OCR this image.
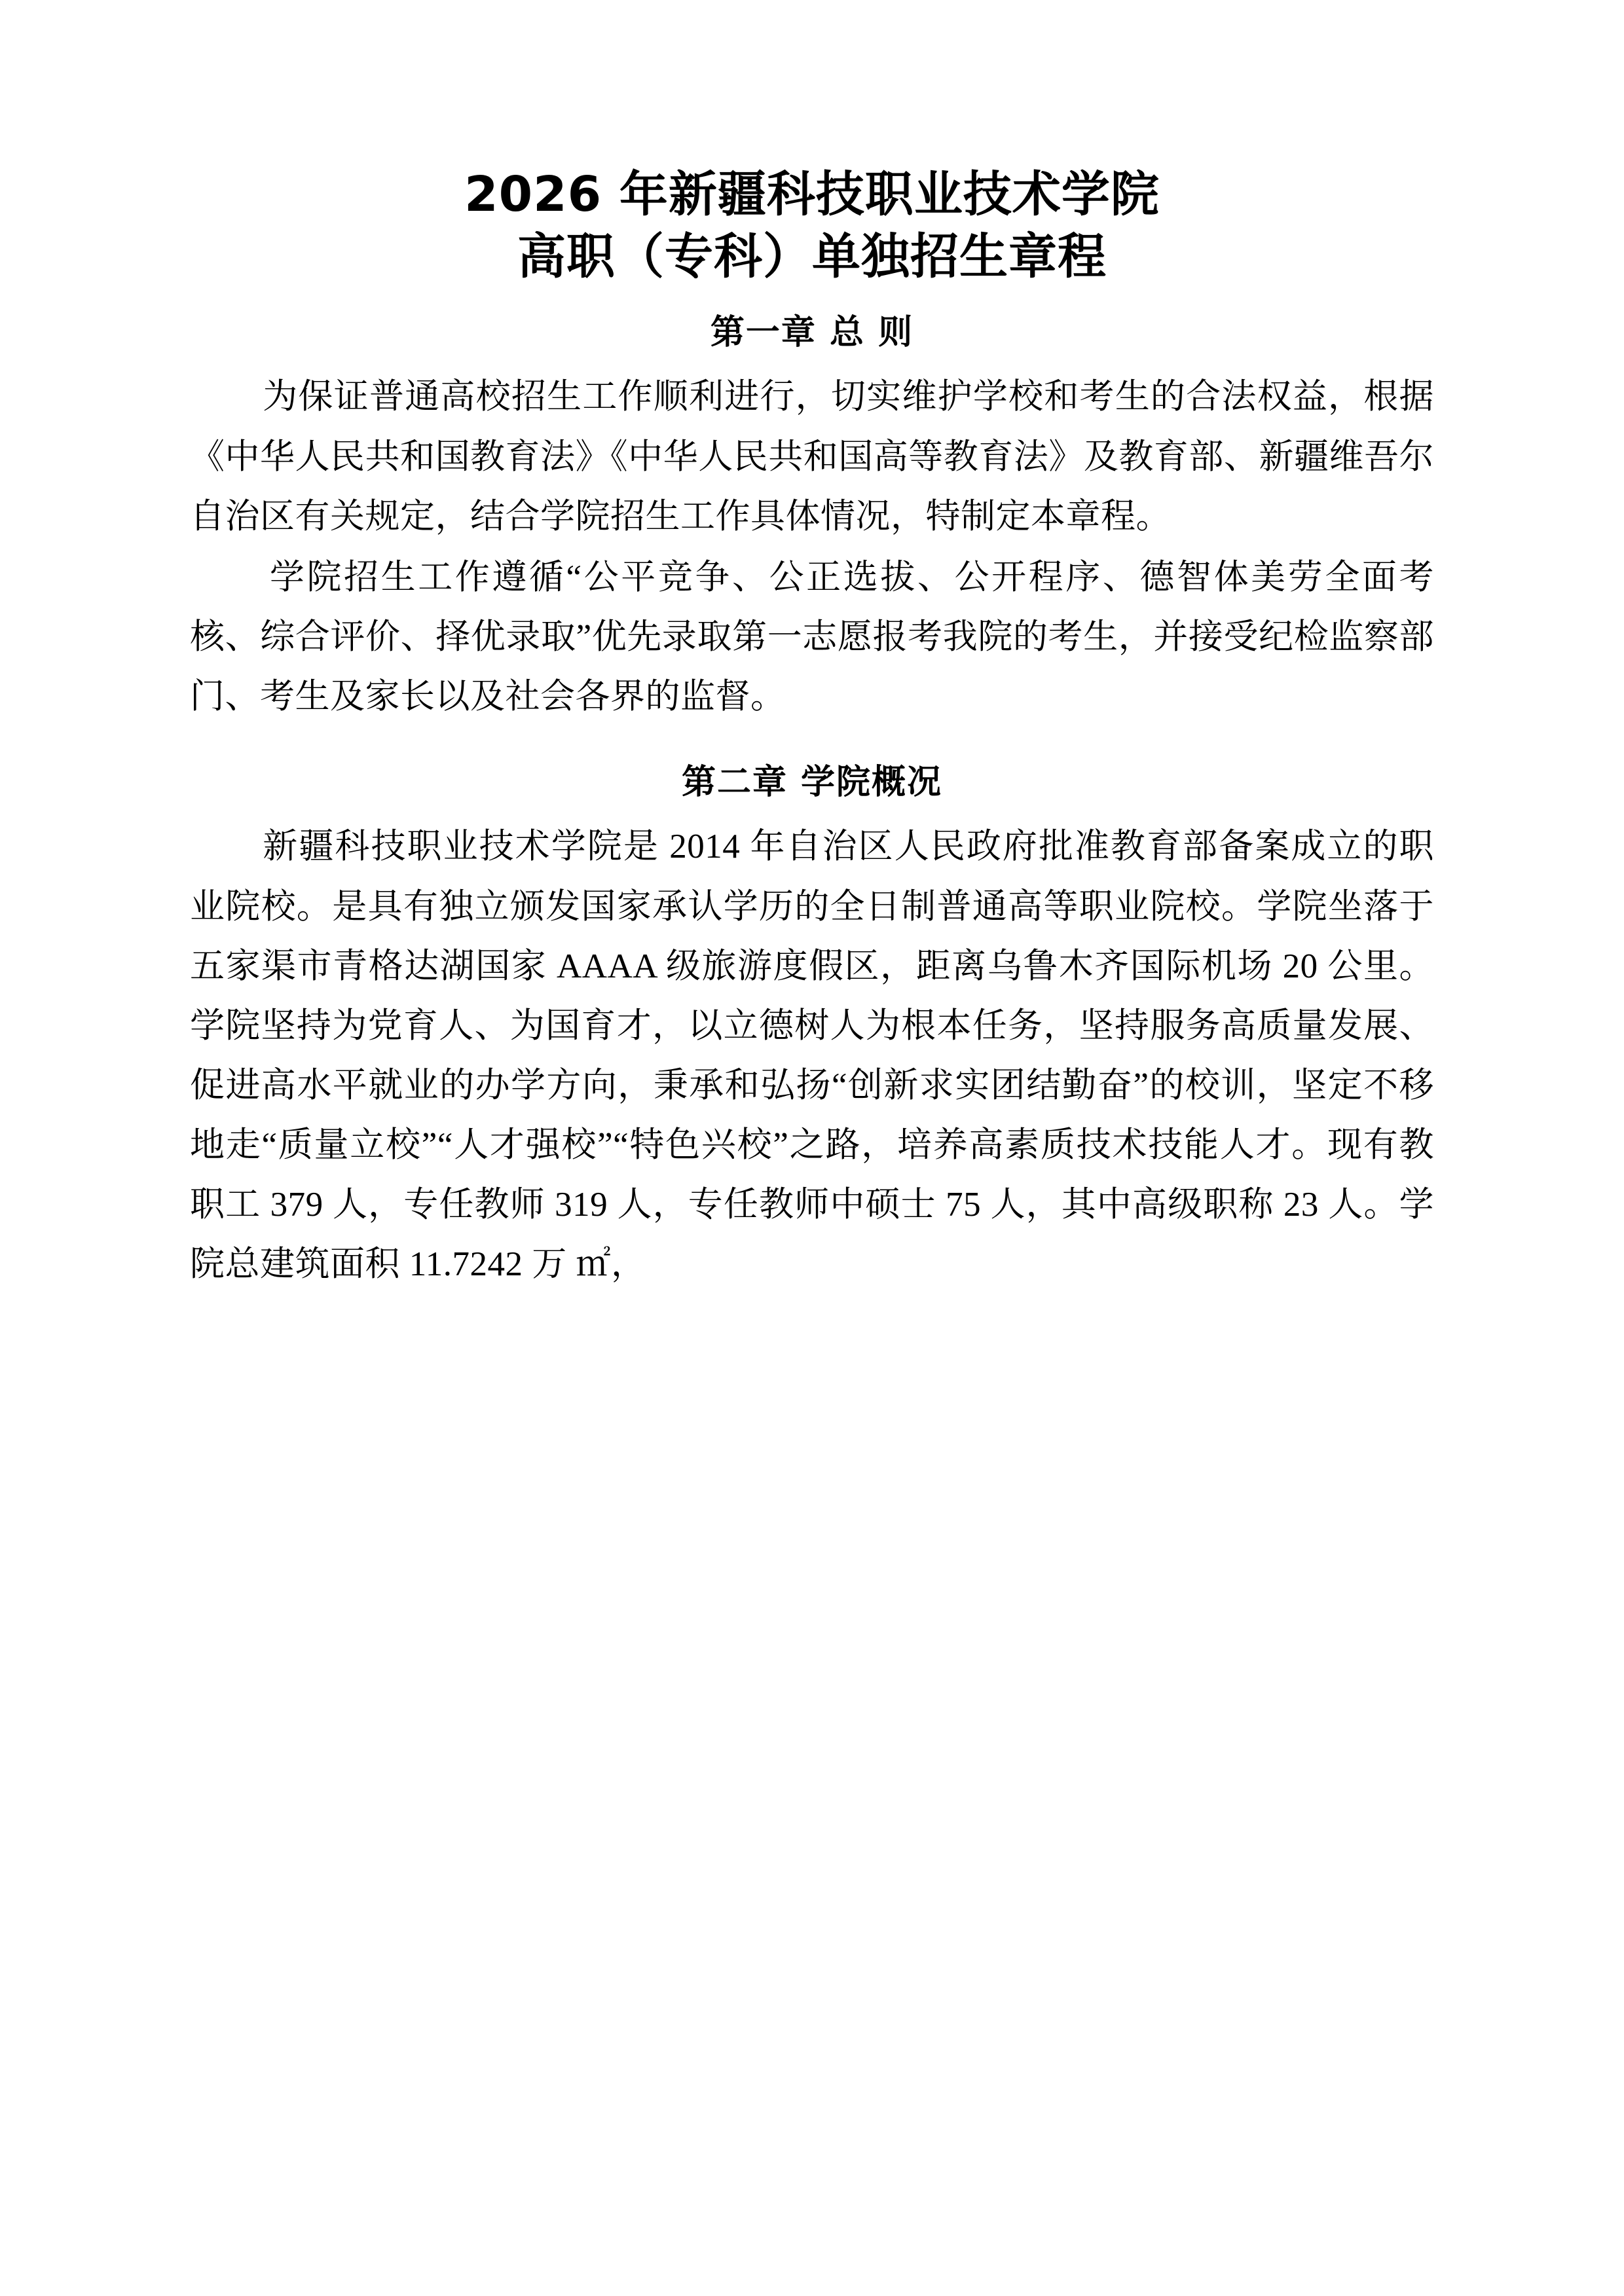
2026 年新疆科技职业技术学院
高职（专科）单独招生章程
第一章 总 则

为保证普通高校招生工作顺利进行，切实维护学校和考生的合法权益，根据《中华人民共和国教育法》《中华人民共和国高等教育法》及教育部、新疆维吾尔自治区有关规定，结合学院招生工作具体情况，特制定本章程。

学院招生工作遵循“公平竞争、公正选拔、公开程序、德智体美劳全面考核、综合评价、择优录取”优先录取第一志愿报考我院的考生，并接受纪检监察部门、考生及家长以及社会各界的监督。

第二章 学院概况

新疆科技职业技术学院是 2014 年自治区人民政府批准教育部备案成立的职业院校。是具有独立颁发国家承认学历的全日制普通高等职业院校。学院坐落于五家渠市青格达湖国家 AAAA 级旅游度假区，距离乌鲁木齐国际机场 20 公里。学院坚持为党育人、为国育才，以立德树人为根本任务，坚持服务高质量发展、促进高水平就业的办学方向，秉承和弘扬“创新求实团结勤奋”的校训，坚定不移地走“质量立校”“人才强校”“特色兴校”之路，培养高素质技术技能人才。现有教职工 379 人，专任教师 319 人，专任教师中硕士 75 人，其中高级职称 23 人。学院总建筑面积 11.7242 万 ㎡，
